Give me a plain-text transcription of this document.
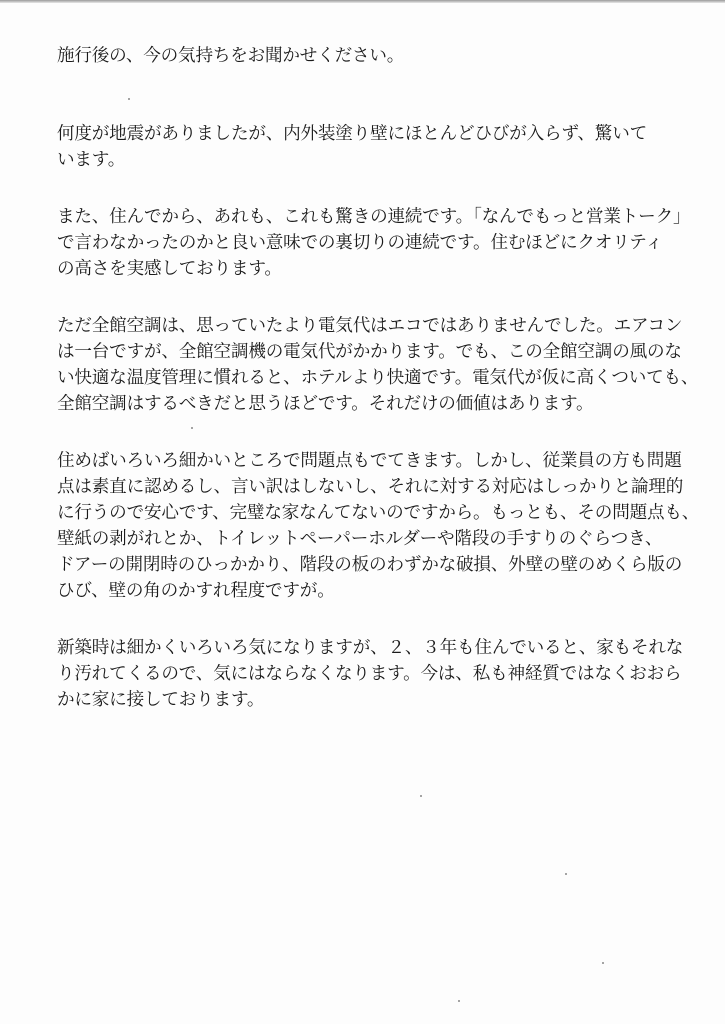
施行後の、今の気持ちをお聞かせください。
何度が地震がありましたが、内外装塗り壁にほとんどひびが入らず、驚いて
います。
また、住んでから、あれも、これも驚きの連続です。「なんでもっと営業トーク」
で言わなかったのかと良い意味での裏切りの連続です。住むほどにクオリティ
の高さを実感しております。
ただ全館空調は、思っていたより電気代はエコではありませんでした。エアコン
は一台ですが、全館空調機の電気代がかかります。でも、この全館空調の風のな
い快適な温度管理に慣れると、ホテルより快適です。電気代が仮に高くついても、
全館空調はするべきだと思うほどです。それだけの価値はあります。
住めばいろいろ細かいところで問題点もでてきます。しかし、従業員の方も問題
点は素直に認めるし、言い訳はしないし、それに対する対応はしっかりと論理的
に行うので安心です、完璧な家なんてないのですから。もっとも、その問題点も、
壁紙の剥がれとか、トイレットペーパーホルダーや階段の手すりのぐらつき、
ドアーの開閉時のひっかかり、階段の板のわずかな破損、外壁の壁のめくら版の
ひび、壁の角のかすれ程度ですが。
新築時は細かくいろいろ気になりますが、２、３年も住んでいると、家もそれな
り汚れてくるので、気にはならなくなります。今は、私も神経質ではなくおおら
かに家に接しております。
